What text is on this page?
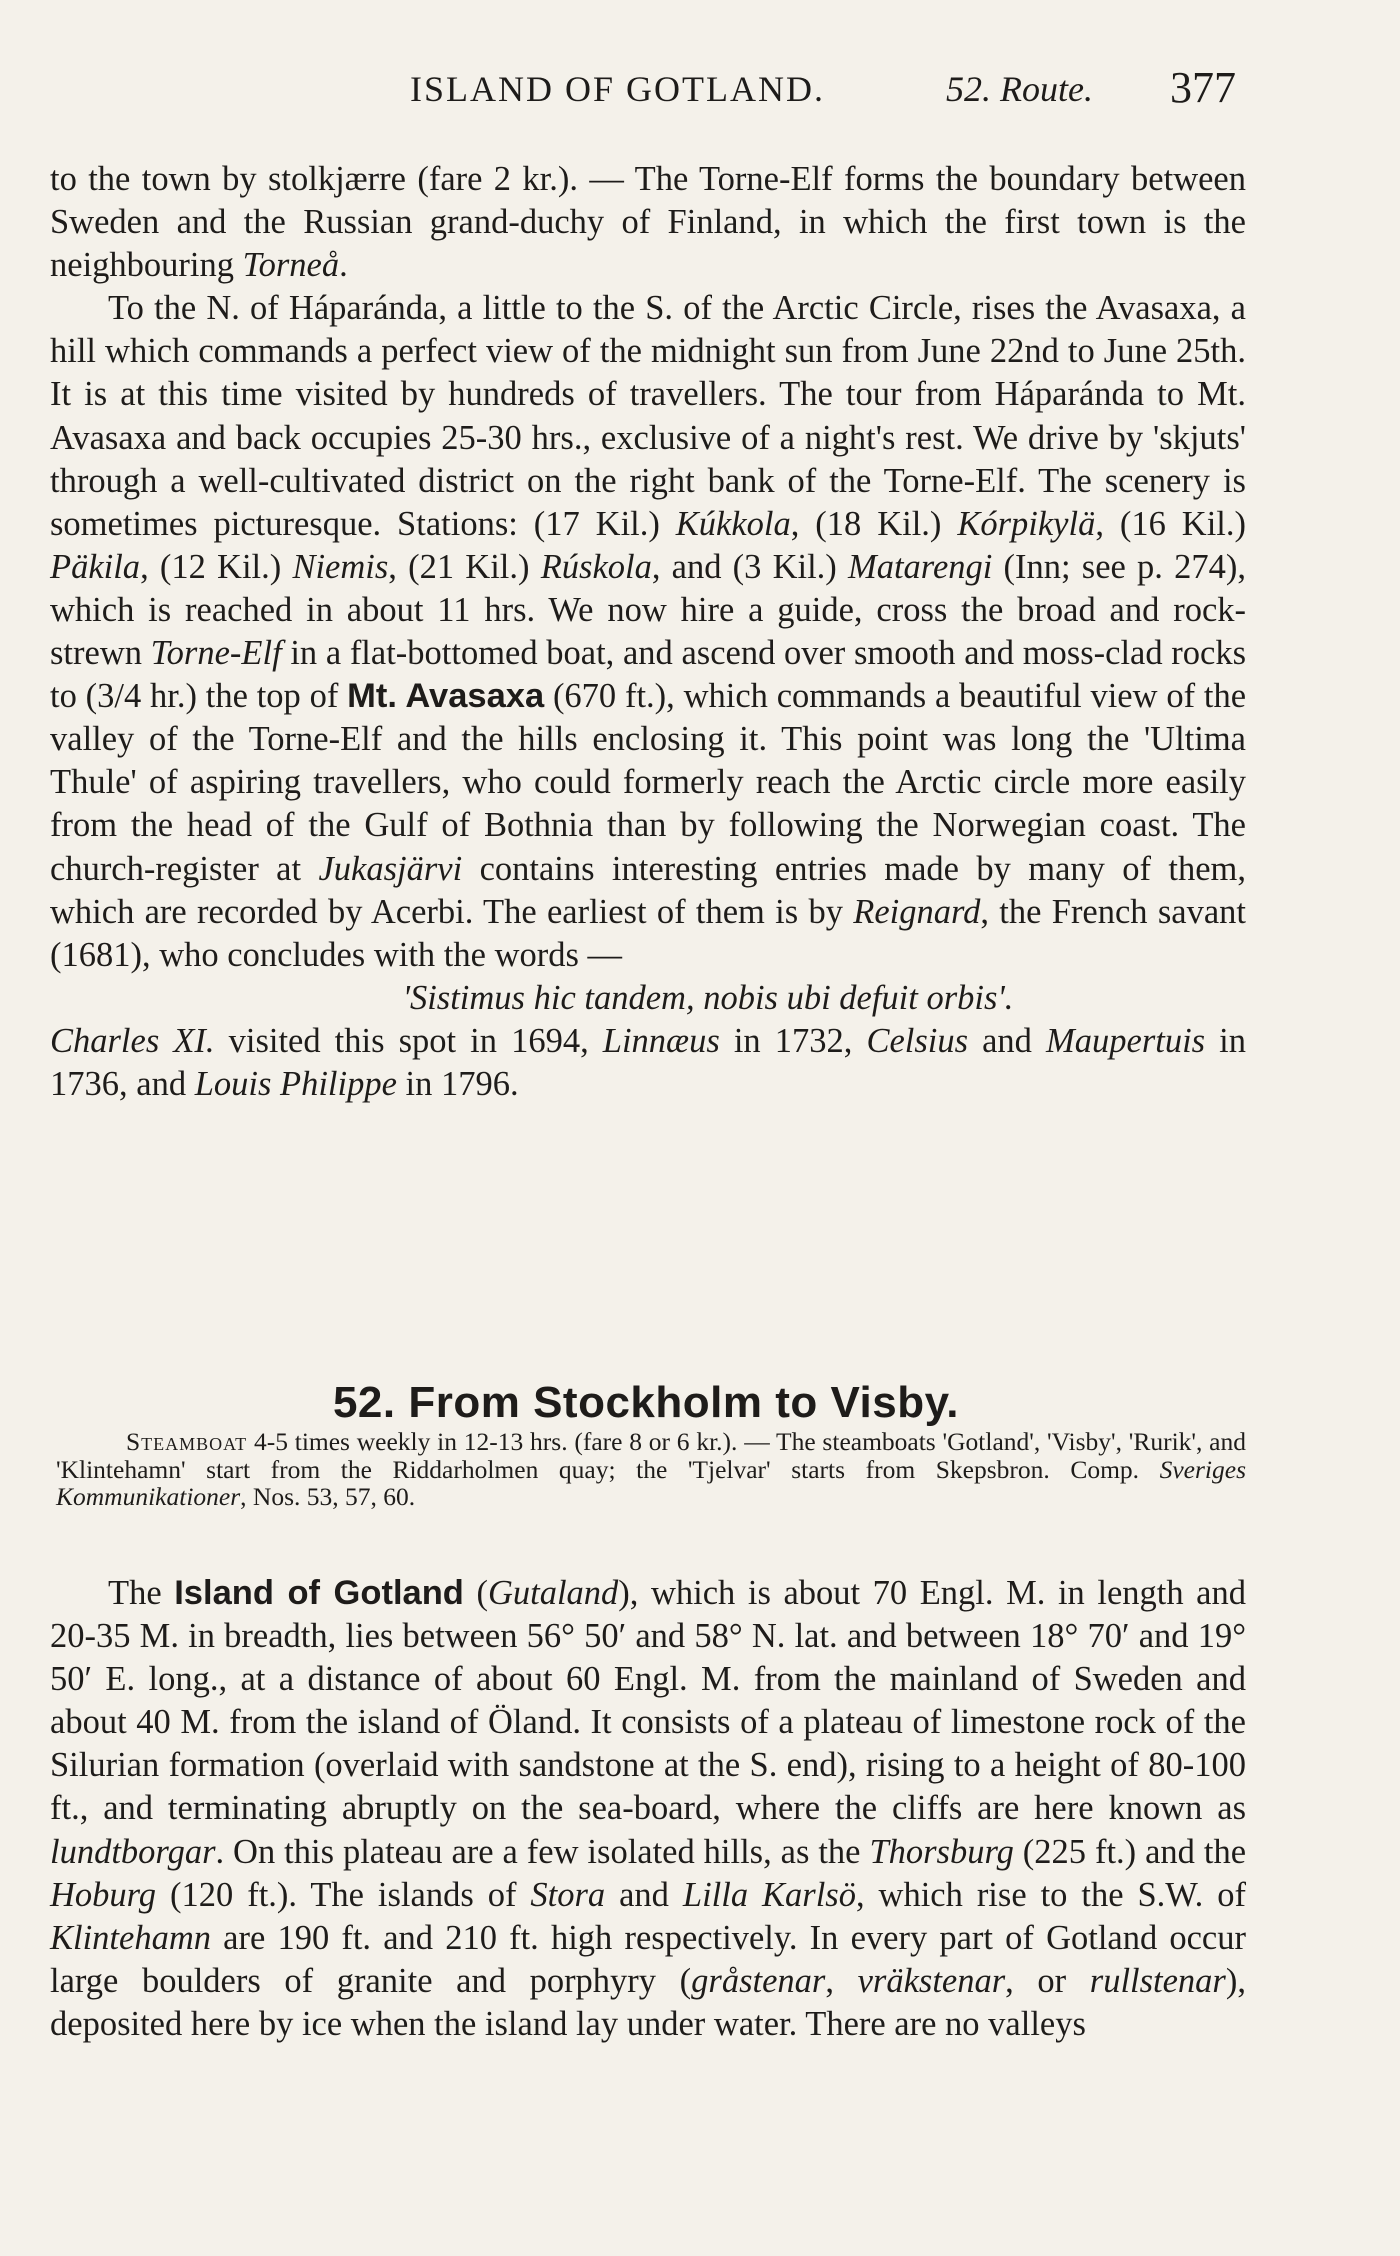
ISLAND OF GOTLAND.	52. Route. 377

to the town by stolkjærre (fare 2 kr.). — The Torne-Elf forms the boundary between Sweden and the Russian grand-duchy of Finland, in which the first town is the neighbouring Torneå.

To the N. of Háparánda, a little to the S. of the Arctic Circle, rises the Avasaxa, a hill which commands a perfect view of the midnight sun from June 22nd to June 25th. It is at this time visited by hundreds of travellers. The tour from Háparánda to Mt. Avasaxa and back occupies 25-30 hrs., exclusive of a night's rest. We drive by 'skjuts' through a well-cultivated district on the right bank of the Torne-Elf. The scenery is sometimes picturesque. Stations: (17 Kil.) Kúkkola, (18 Kil.) Kórpikylä, (16 Kil.) Päkila, (12 Kil.) Niemis, (21 Kil.) Rúskola, and (3 Kil.) Matarengi (Inn; see p. 274), which is reached in about 11 hrs. We now hire a guide, cross the broad and rock-strewn Torne-Elf in a flat-bottomed boat, and ascend over smooth and moss-clad rocks to (3/4 hr.) the top of Mt. Avasaxa (670 ft.), which commands a beautiful view of the valley of the Torne-Elf and the hills enclosing it. This point was long the 'Ultima Thule' of aspiring travellers, who could formerly reach the Arctic circle more easily from the head of the Gulf of Bothnia than by following the Norwegian coast. The church-register at Jukasjärvi contains interesting entries made by many of them, which are recorded by Acerbi. The earliest of them is by Reignard, the French savant (1681), who concludes with the words —

'Sistimus hic tandem, nobis ubi defuit orbis'.

Charles XI. visited this spot in 1694, Linnæus in 1732, Celsius and Maupertuis in 1736, and Louis Philippe in 1796.

52. From Stockholm to Visby.

Steamboat 4-5 times weekly in 12-13 hrs. (fare 8 or 6 kr.). — The steamboats 'Gotland', 'Visby', 'Rurik', and 'Klintehamn' start from the Riddarholmen quay; the 'Tjelvar' starts from Skepsbron. Comp. Sveriges Kommunikationer, Nos. 53, 57, 60.

The Island of Gotland (Gutaland), which is about 70 Engl. M. in length and 20-35 M. in breadth, lies between 56° 50′ and 58° N. lat. and between 18° 70′ and 19° 50′ E. long., at a distance of about 60 Engl. M. from the mainland of Sweden and about 40 M. from the island of Öland. It consists of a plateau of limestone rock of the Silurian formation (overlaid with sandstone at the S. end), rising to a height of 80-100 ft., and terminating abruptly on the sea-board, where the cliffs are here known as lundtborgar. On this plateau are a few isolated hills, as the Thorsburg (225 ft.) and the Hoburg (120 ft.). The islands of Stora and Lilla Karlsö, which rise to the S.W. of Klintehamn are 190 ft. and 210 ft. high respectively. In every part of Gotland occur large boulders of granite and porphyry (gråstenar, vräkstenar, or rullstenar), deposited here by ice when the island lay under water. There are no valleys
